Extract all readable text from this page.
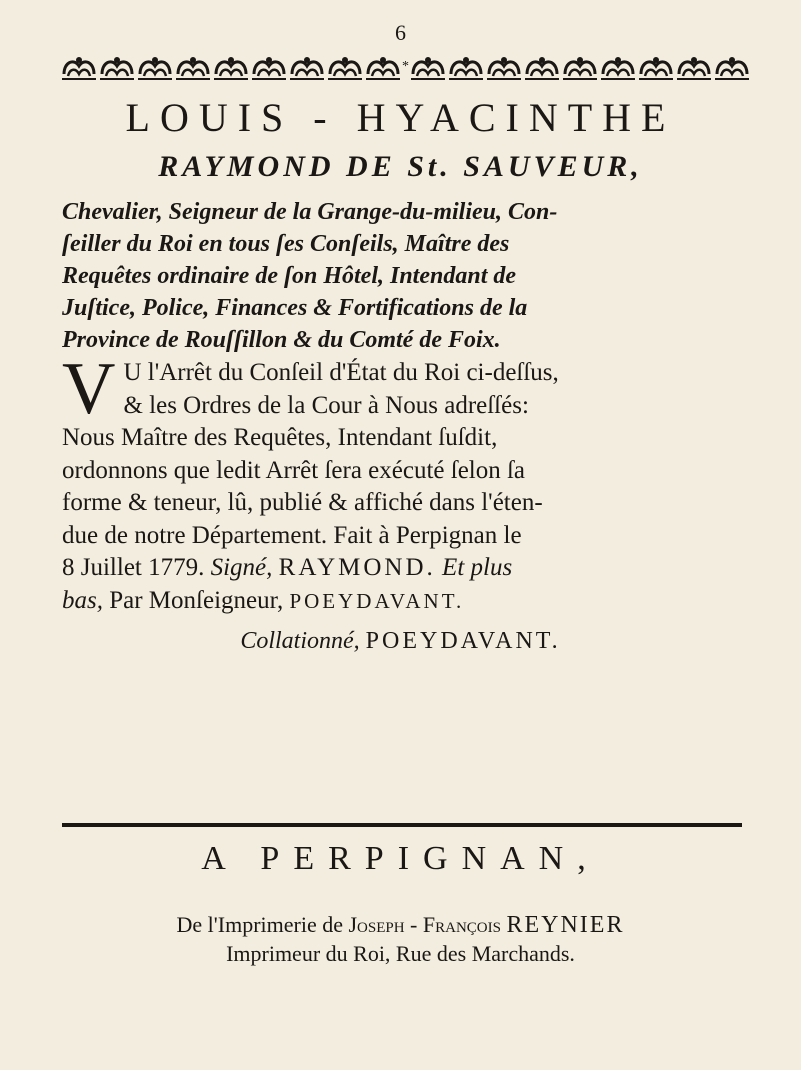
6
*
LOUIS - HYACINTHE
RAYMOND DE St. SAUVEUR,
Chevalier, Seigneur de la Grange-du-milieu, Con-
ſeiller du Roi en tous ſes Conſeils, Maître des
Requêtes ordinaire de ſon Hôtel, Intendant de
Juſtice, Police, Finances & Fortifications de la
Province de Rouſſillon & du Comté de Foix.
V U l'Arrêt du Conſeil d'État du Roi ci-deſſus,
& les Ordres de la Cour à Nous adreſſés:
Nous Maître des Requêtes, Intendant ſuſdit,
ordonnons que ledit Arrêt ſera exécuté ſelon ſa
forme & teneur, lû, publié & affiché dans l'éten-
due de notre Département. Fait à Perpignan le
8 Juillet 1779. Signé, RAYMOND. Et plus
bas, Par Monſeigneur, POEYDAVANT.
Collationné, POEYDAVANT.
A PERPIGNAN,
De l'Imprimerie de Joseph - François REYNIER
Imprimeur du Roi, Rue des Marchands.
